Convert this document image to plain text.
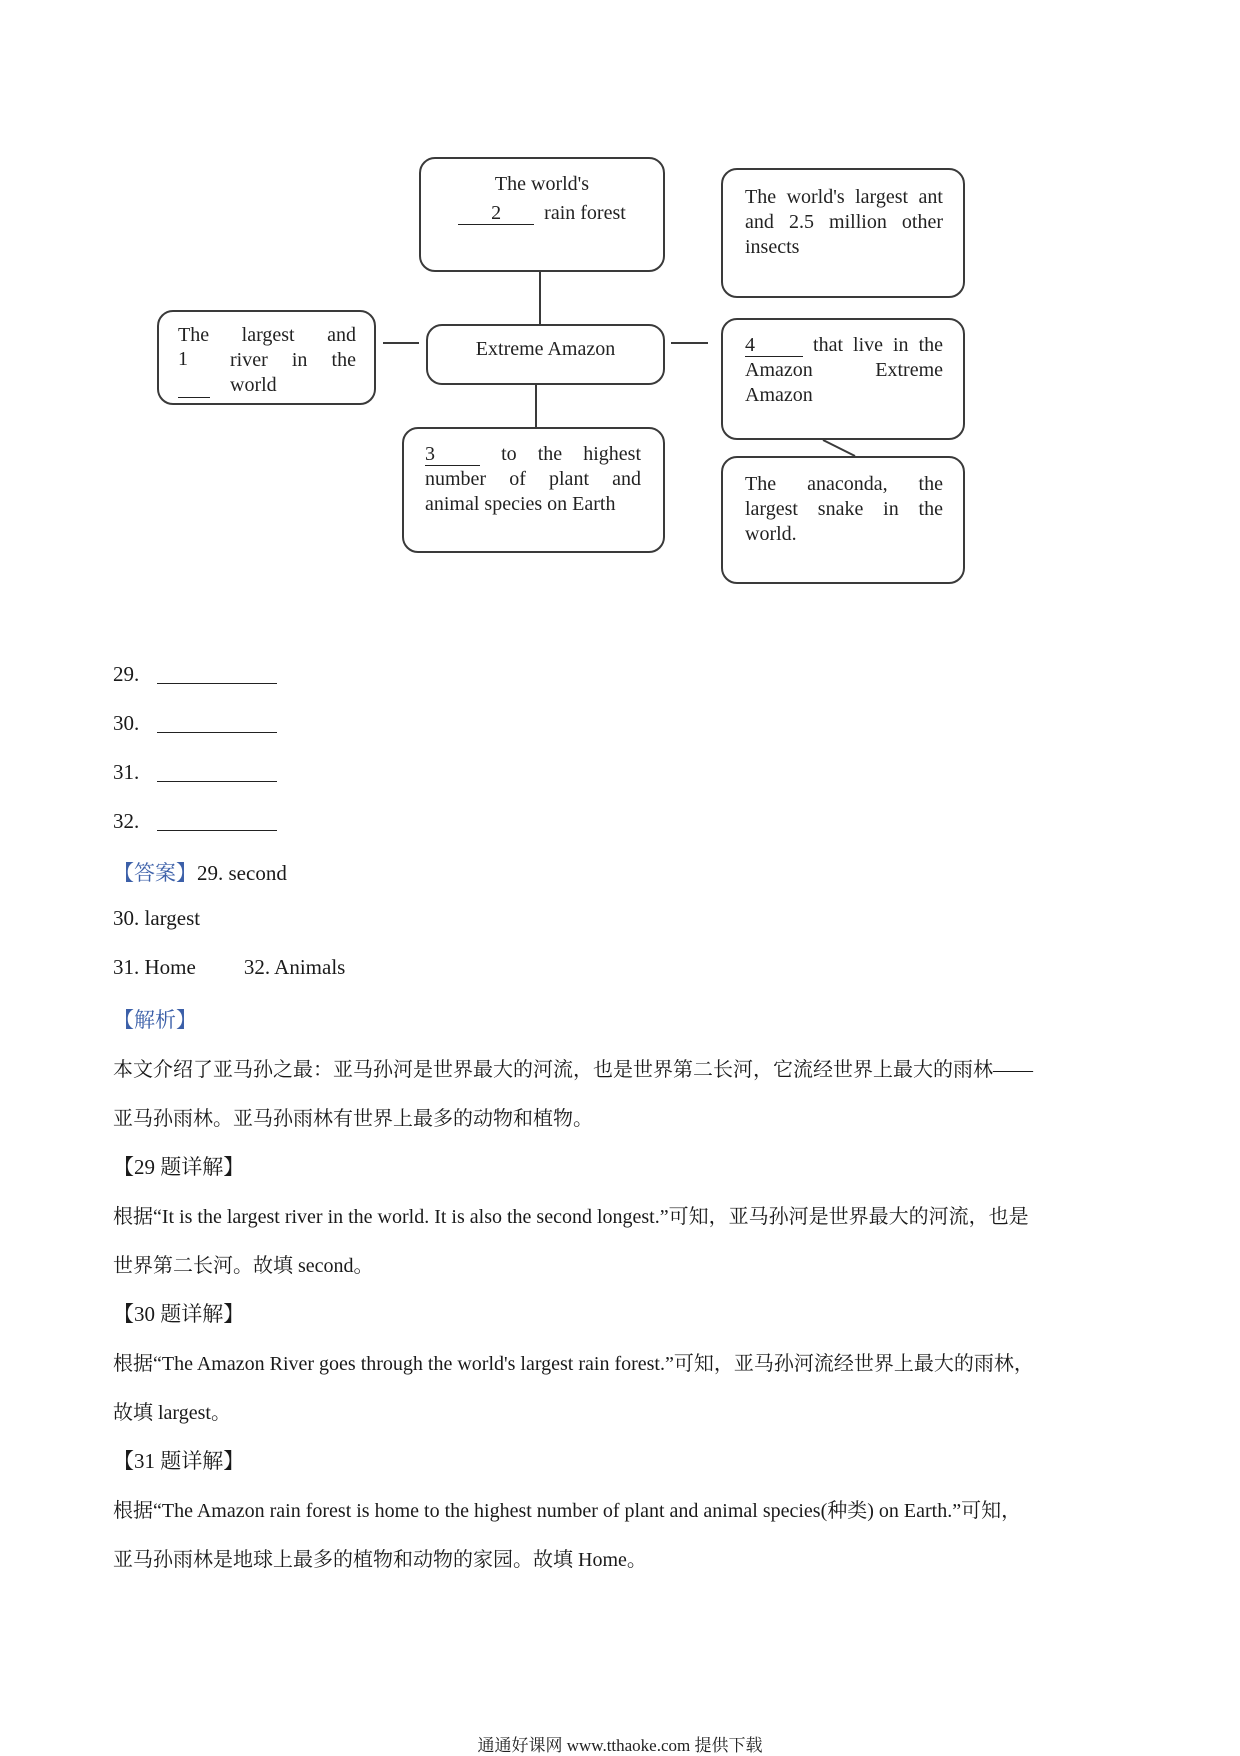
The world's
2 rain forest
The world's largest ant and 2.5 million other insects
The largest and
1	river in the world
Extreme Amazon	4	that live in the Amazon Extreme Amazon
3	to the highest number of plant and animal species on Earth
The anaconda, the largest snake in the world.
29.
30.
31.
32.
【答案】29. second
30. largest
31. Home 32. Animals
【解析】
本文介绍了亚马孙之最：亚马孙河是世界最大的河流，也是世界第二长河，它流经世界上最大的雨林——
亚马孙雨林。亚马孙雨林有世界上最多的动物和植物。
【29 题详解】
根据“It is the largest river in the world. It is also the second longest.”可知，亚马孙河是世界最大的河流，也是
世界第二长河。故填 second。
【30 题详解】
根据“The Amazon River goes through the world's largest rain forest.”可知，亚马孙河流经世界上最大的雨林，
故填 largest。
【31 题详解】
根据“The Amazon rain forest is home to the highest number of plant and animal species(种类) on Earth.”可知，
亚马孙雨林是地球上最多的植物和动物的家园。故填 Home。
通通好课网 www.tthaoke.com 提供下载
